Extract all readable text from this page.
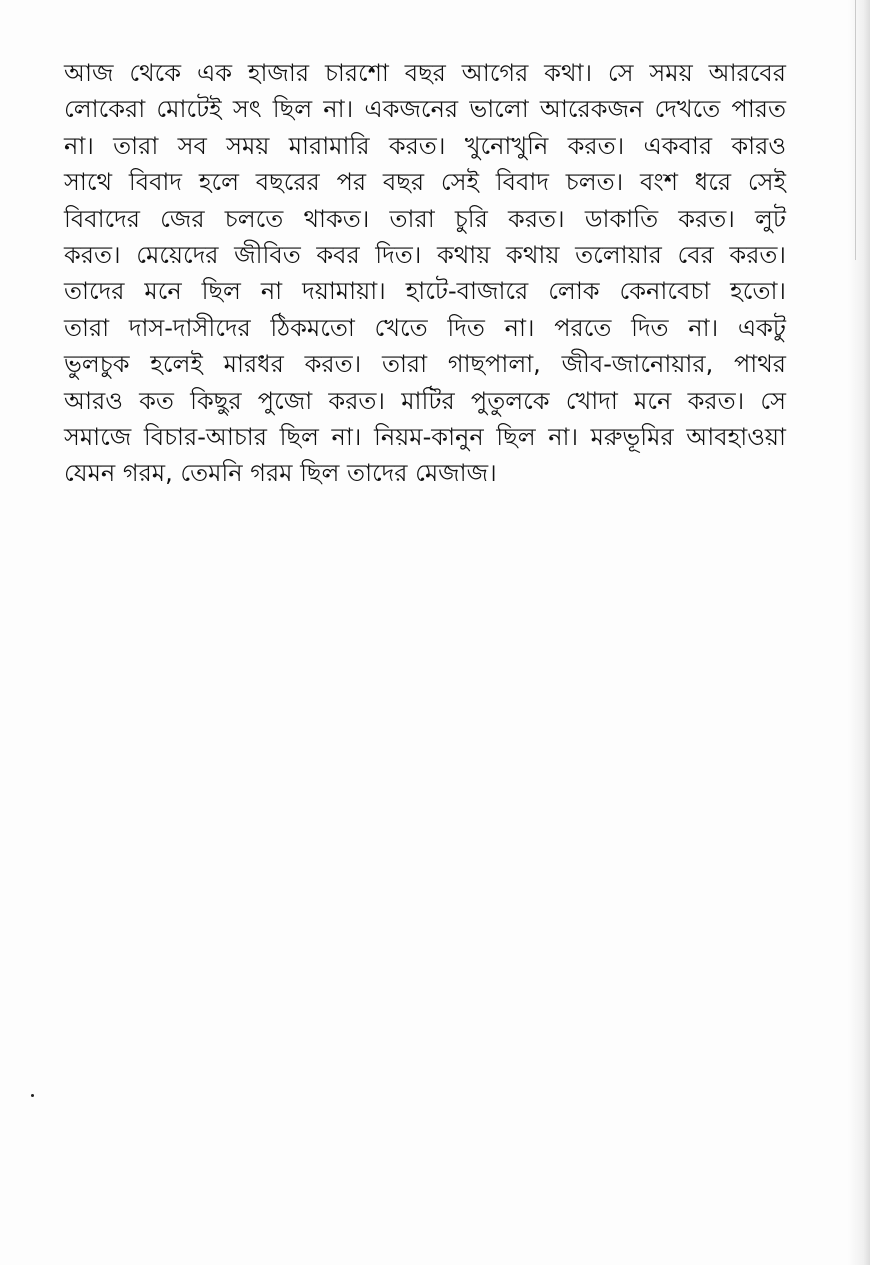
আজ থেকে এক হাজার চারশো বছর আগের কথা। সে সময় আরবের
লোকেরা মোটেই সৎ ছিল না। একজনের ভালো আরেকজন দেখতে পারত
না। তারা সব সময় মারামারি করত। খুনোখুনি করত। একবার কারও
সাথে বিবাদ হলে বছরের পর বছর সেই বিবাদ চলত। বংশ ধরে সেই
বিবাদের জের চলতে থাকত। তারা চুরি করত। ডাকাতি করত। লুট
করত। মেয়েদের জীবিত কবর দিত। কথায় কথায় তলোয়ার বের করত।
তাদের মনে ছিল না দয়ামায়া। হাটে-বাজারে লোক কেনাবেচা হতো।
তারা দাস-দাসীদের ঠিকমতো খেতে দিত না। পরতে দিত না। একটু
ভুলচুক হলেই মারধর করত। তারা গাছপালা, জীব-জানোয়ার, পাথর
আরও কত কিছুর পুজো করত। মাটির পুতুলকে খোদা মনে করত। সে
সমাজে বিচার-আচার ছিল না। নিয়ম-কানুন ছিল না। মরুভূমির আবহাওয়া
যেমন গরম, তেমনি গরম ছিল তাদের মেজাজ।
